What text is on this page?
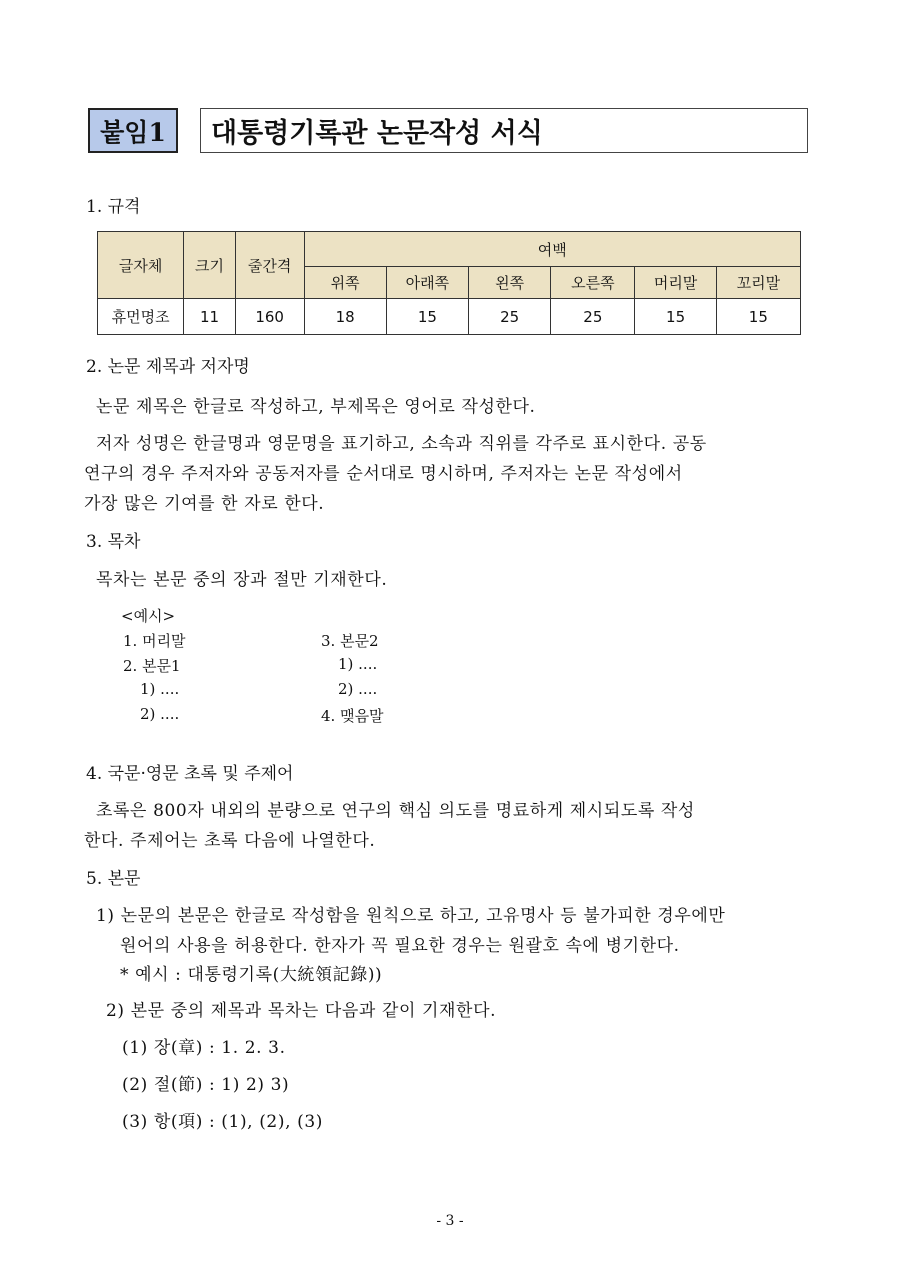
붙임1	대통령기록관 논문작성 서식
1. 규격
글자체	크기	줄간격	여백					
			위쪽	아래쪽	왼쪽	오른쪽	머리말	꼬리말
휴먼명조	11	160	18	15	25	25	15	15
2. 논문 제목과 저자명
논문 제목은 한글로 작성하고, 부제목은 영어로 작성한다.
저자 성명은 한글명과 영문명을 표기하고, 소속과 직위를 각주로 표시한다. 공동
연구의 경우 주저자와 공동저자를 순서대로 명시하며, 주저자는 논문 작성에서
가장 많은 기여를 한 자로 한다.
3. 목차
목차는 본문 중의 장과 절만 기재한다.
<예시>
1. 머리말
2. 본문1
1) ....
2) ....
3. 본문2
1) ....
2) ....
4. 맺음말
4. 국문·영문 초록 및 주제어
초록은 800자 내외의 분량으로 연구의 핵심 의도를 명료하게 제시되도록 작성
한다. 주제어는 초록 다음에 나열한다.
5. 본문
1) 논문의 본문은 한글로 작성함을 원칙으로 하고, 고유명사 등 불가피한 경우에만
원어의 사용을 허용한다. 한자가 꼭 필요한 경우는 원괄호 속에 병기한다.
* 예시 : 대통령기록(大統領記錄))
2) 본문 중의 제목과 목차는 다음과 같이 기재한다.
(1) 장(章) : 1. 2. 3.
(2) 절(節) : 1) 2) 3)
(3) 항(項) : (1), (2), (3)
- 3 -
